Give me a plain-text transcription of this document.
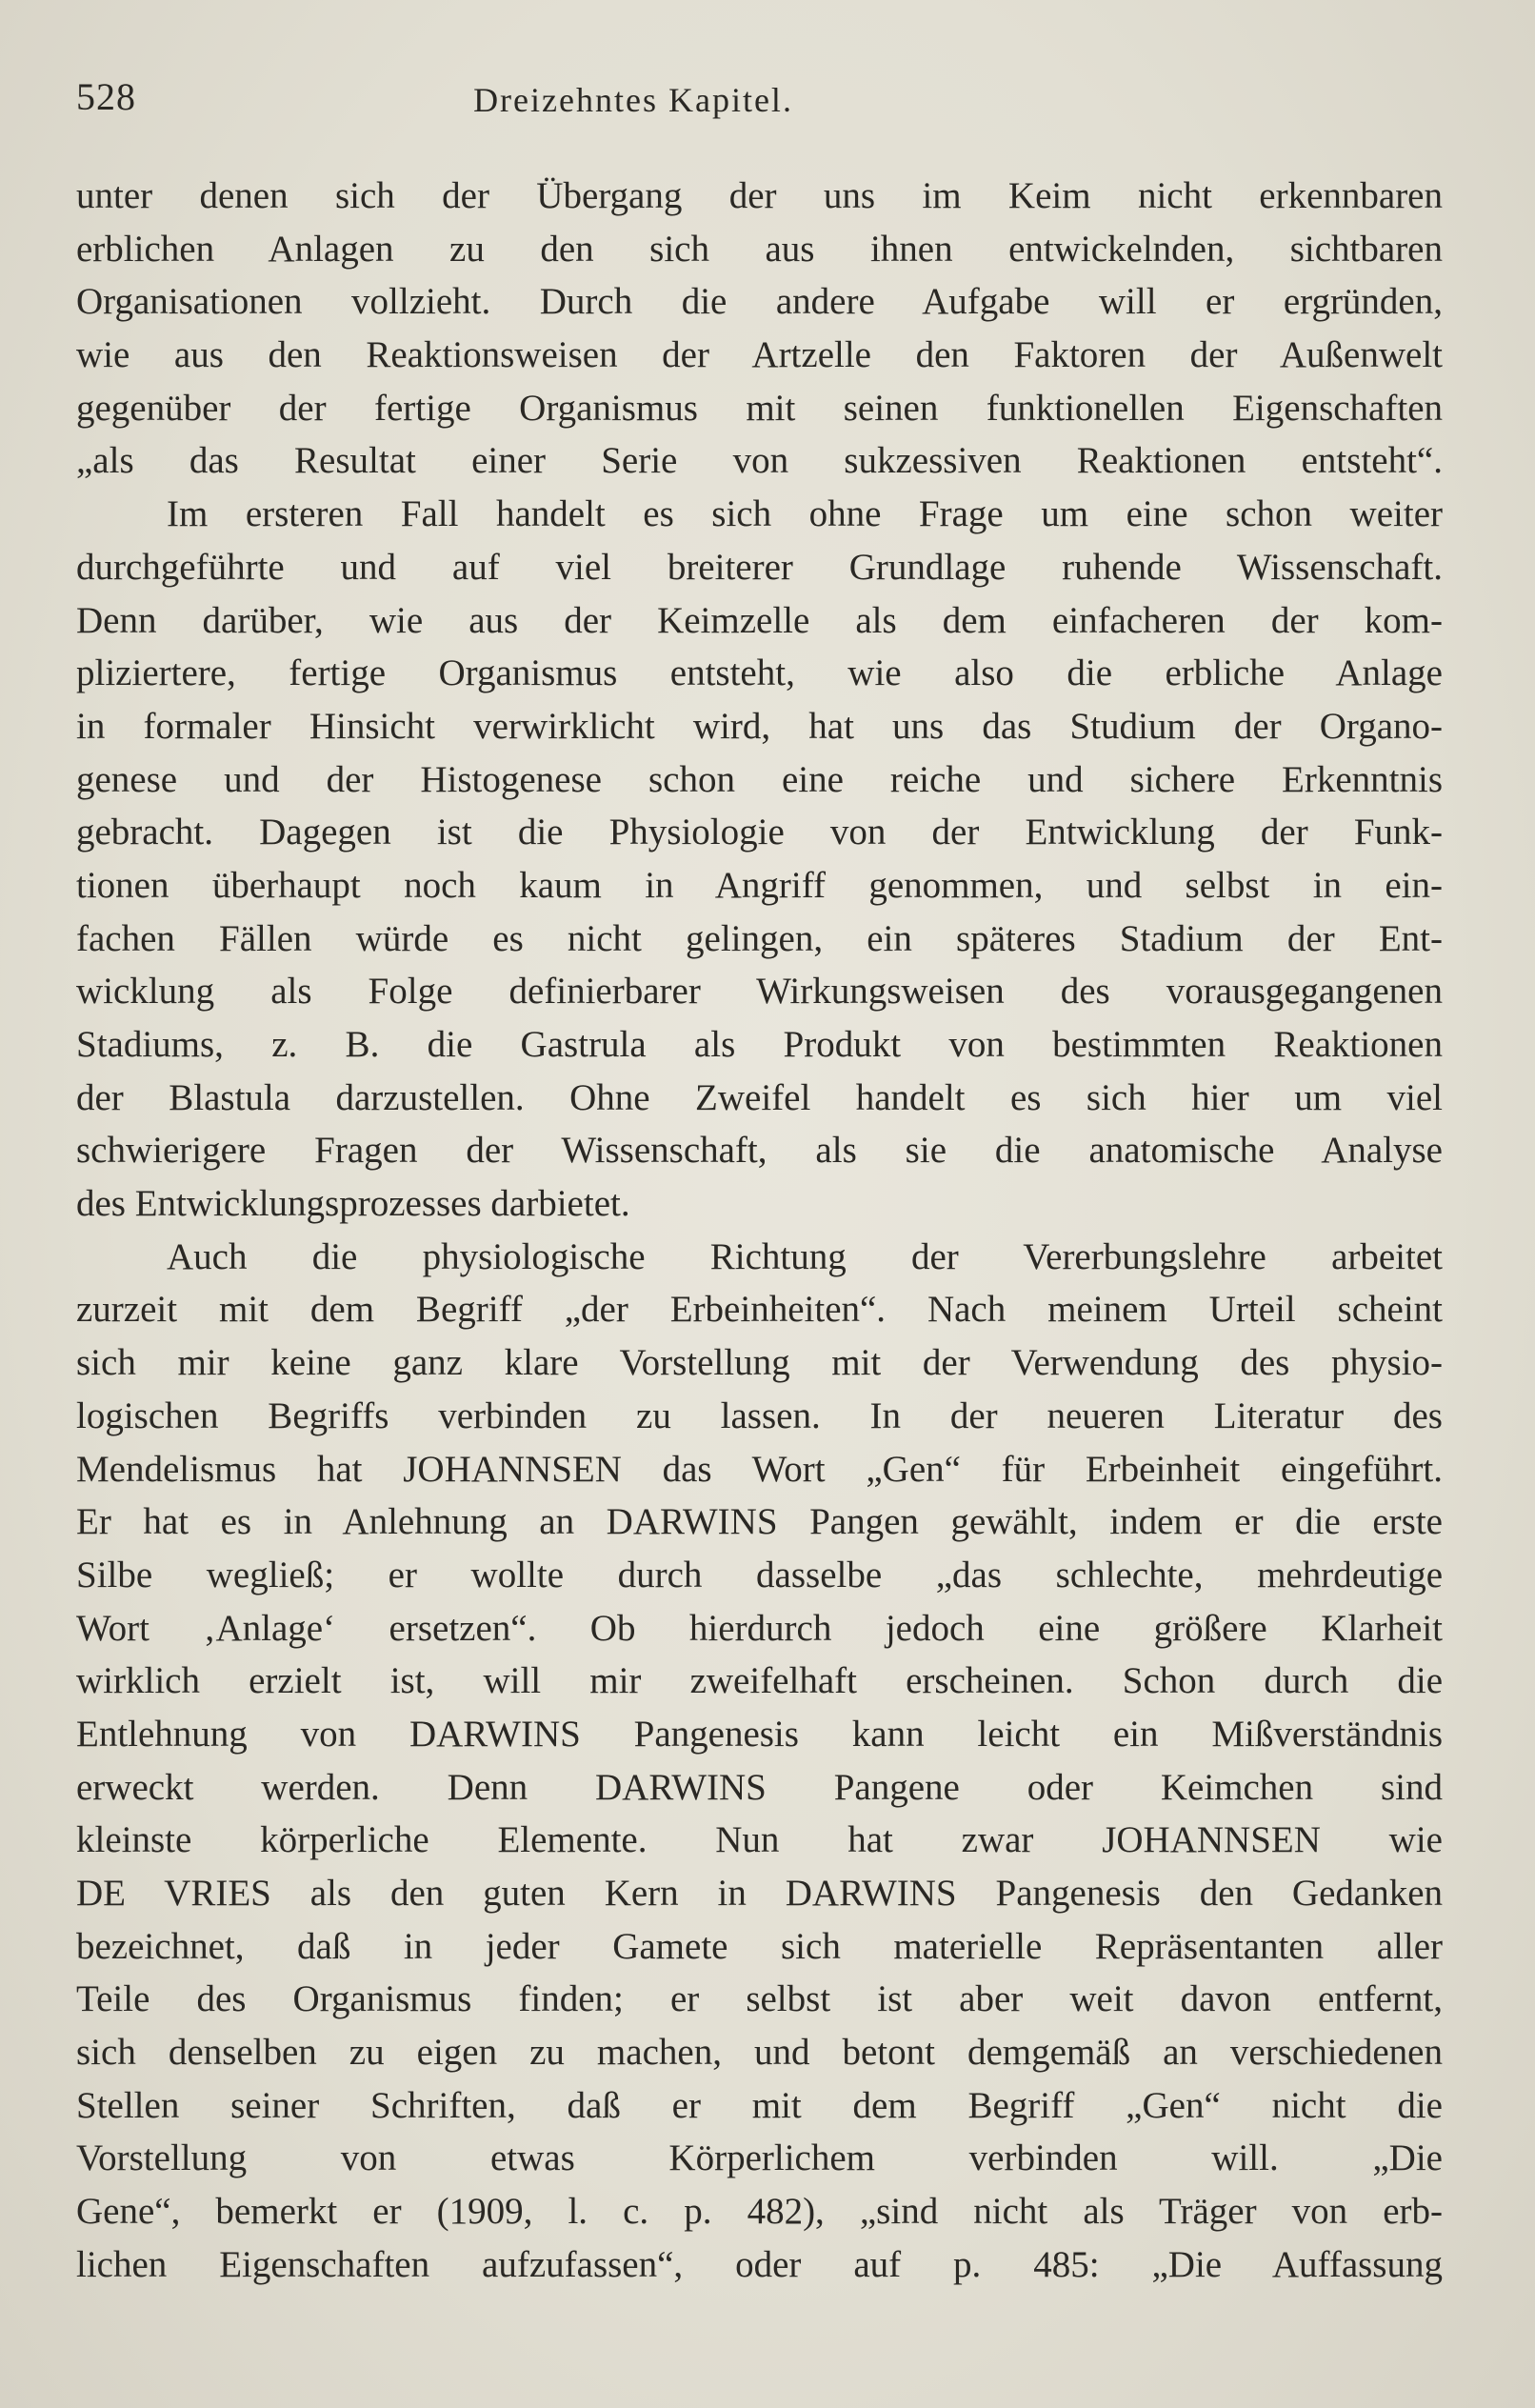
528	Dreizehntes Kapitel.
unter denen sich der Übergang der uns im Keim nicht erkennbaren
erblichen Anlagen zu den sich aus ihnen entwickelnden, sichtbaren
Organisationen vollzieht. Durch die andere Aufgabe will er ergründen,
wie aus den Reaktionsweisen der Artzelle den Faktoren der Außenwelt
gegenüber der fertige Organismus mit seinen funktionellen Eigenschaften
„als das Resultat einer Serie von sukzessiven Reaktionen entsteht“.
Im ersteren Fall handelt es sich ohne Frage um eine schon weiter
durchgeführte und auf viel breiterer Grundlage ruhende Wissenschaft.
Denn darüber, wie aus der Keimzelle als dem einfacheren der kom-
pliziertere, fertige Organismus entsteht, wie also die erbliche Anlage
in formaler Hinsicht verwirklicht wird, hat uns das Studium der Organo-
genese und der Histogenese schon eine reiche und sichere Erkenntnis
gebracht. Dagegen ist die Physiologie von der Entwicklung der Funk-
tionen überhaupt noch kaum in Angriff genommen, und selbst in ein-
fachen Fällen würde es nicht gelingen, ein späteres Stadium der Ent-
wicklung als Folge definierbarer Wirkungsweisen des vorausgegangenen
Stadiums, z. B. die Gastrula als Produkt von bestimmten Reaktionen
der Blastula darzustellen. Ohne Zweifel handelt es sich hier um viel
schwierigere Fragen der Wissenschaft, als sie die anatomische Analyse
des Entwicklungsprozesses darbietet.
Auch die physiologische Richtung der Vererbungslehre arbeitet
zurzeit mit dem Begriff „der Erbeinheiten“. Nach meinem Urteil scheint
sich mir keine ganz klare Vorstellung mit der Verwendung des physio-
logischen Begriffs verbinden zu lassen. In der neueren Literatur des
Mendelismus hat JOHANNSEN das Wort „Gen“ für Erbeinheit eingeführt.
Er hat es in Anlehnung an DARWINS Pangen gewählt, indem er die erste
Silbe wegließ; er wollte durch dasselbe „das schlechte, mehrdeutige
Wort ‚Anlage‘ ersetzen“. Ob hierdurch jedoch eine größere Klarheit
wirklich erzielt ist, will mir zweifelhaft erscheinen. Schon durch die
Entlehnung von DARWINS Pangenesis kann leicht ein Mißverständnis
erweckt werden. Denn DARWINS Pangene oder Keimchen sind
kleinste körperliche Elemente. Nun hat zwar JOHANNSEN wie
DE VRIES als den guten Kern in DARWINS Pangenesis den Gedanken
bezeichnet, daß in jeder Gamete sich materielle Repräsentanten aller
Teile des Organismus finden; er selbst ist aber weit davon entfernt,
sich denselben zu eigen zu machen, und betont demgemäß an verschiedenen
Stellen seiner Schriften, daß er mit dem Begriff „Gen“ nicht die
Vorstellung von etwas Körperlichem verbinden will. „Die
Gene“, bemerkt er (1909, l. c. p. 482), „sind nicht als Träger von erb-
lichen Eigenschaften aufzufassen“, oder auf p. 485: „Die Auffassung
